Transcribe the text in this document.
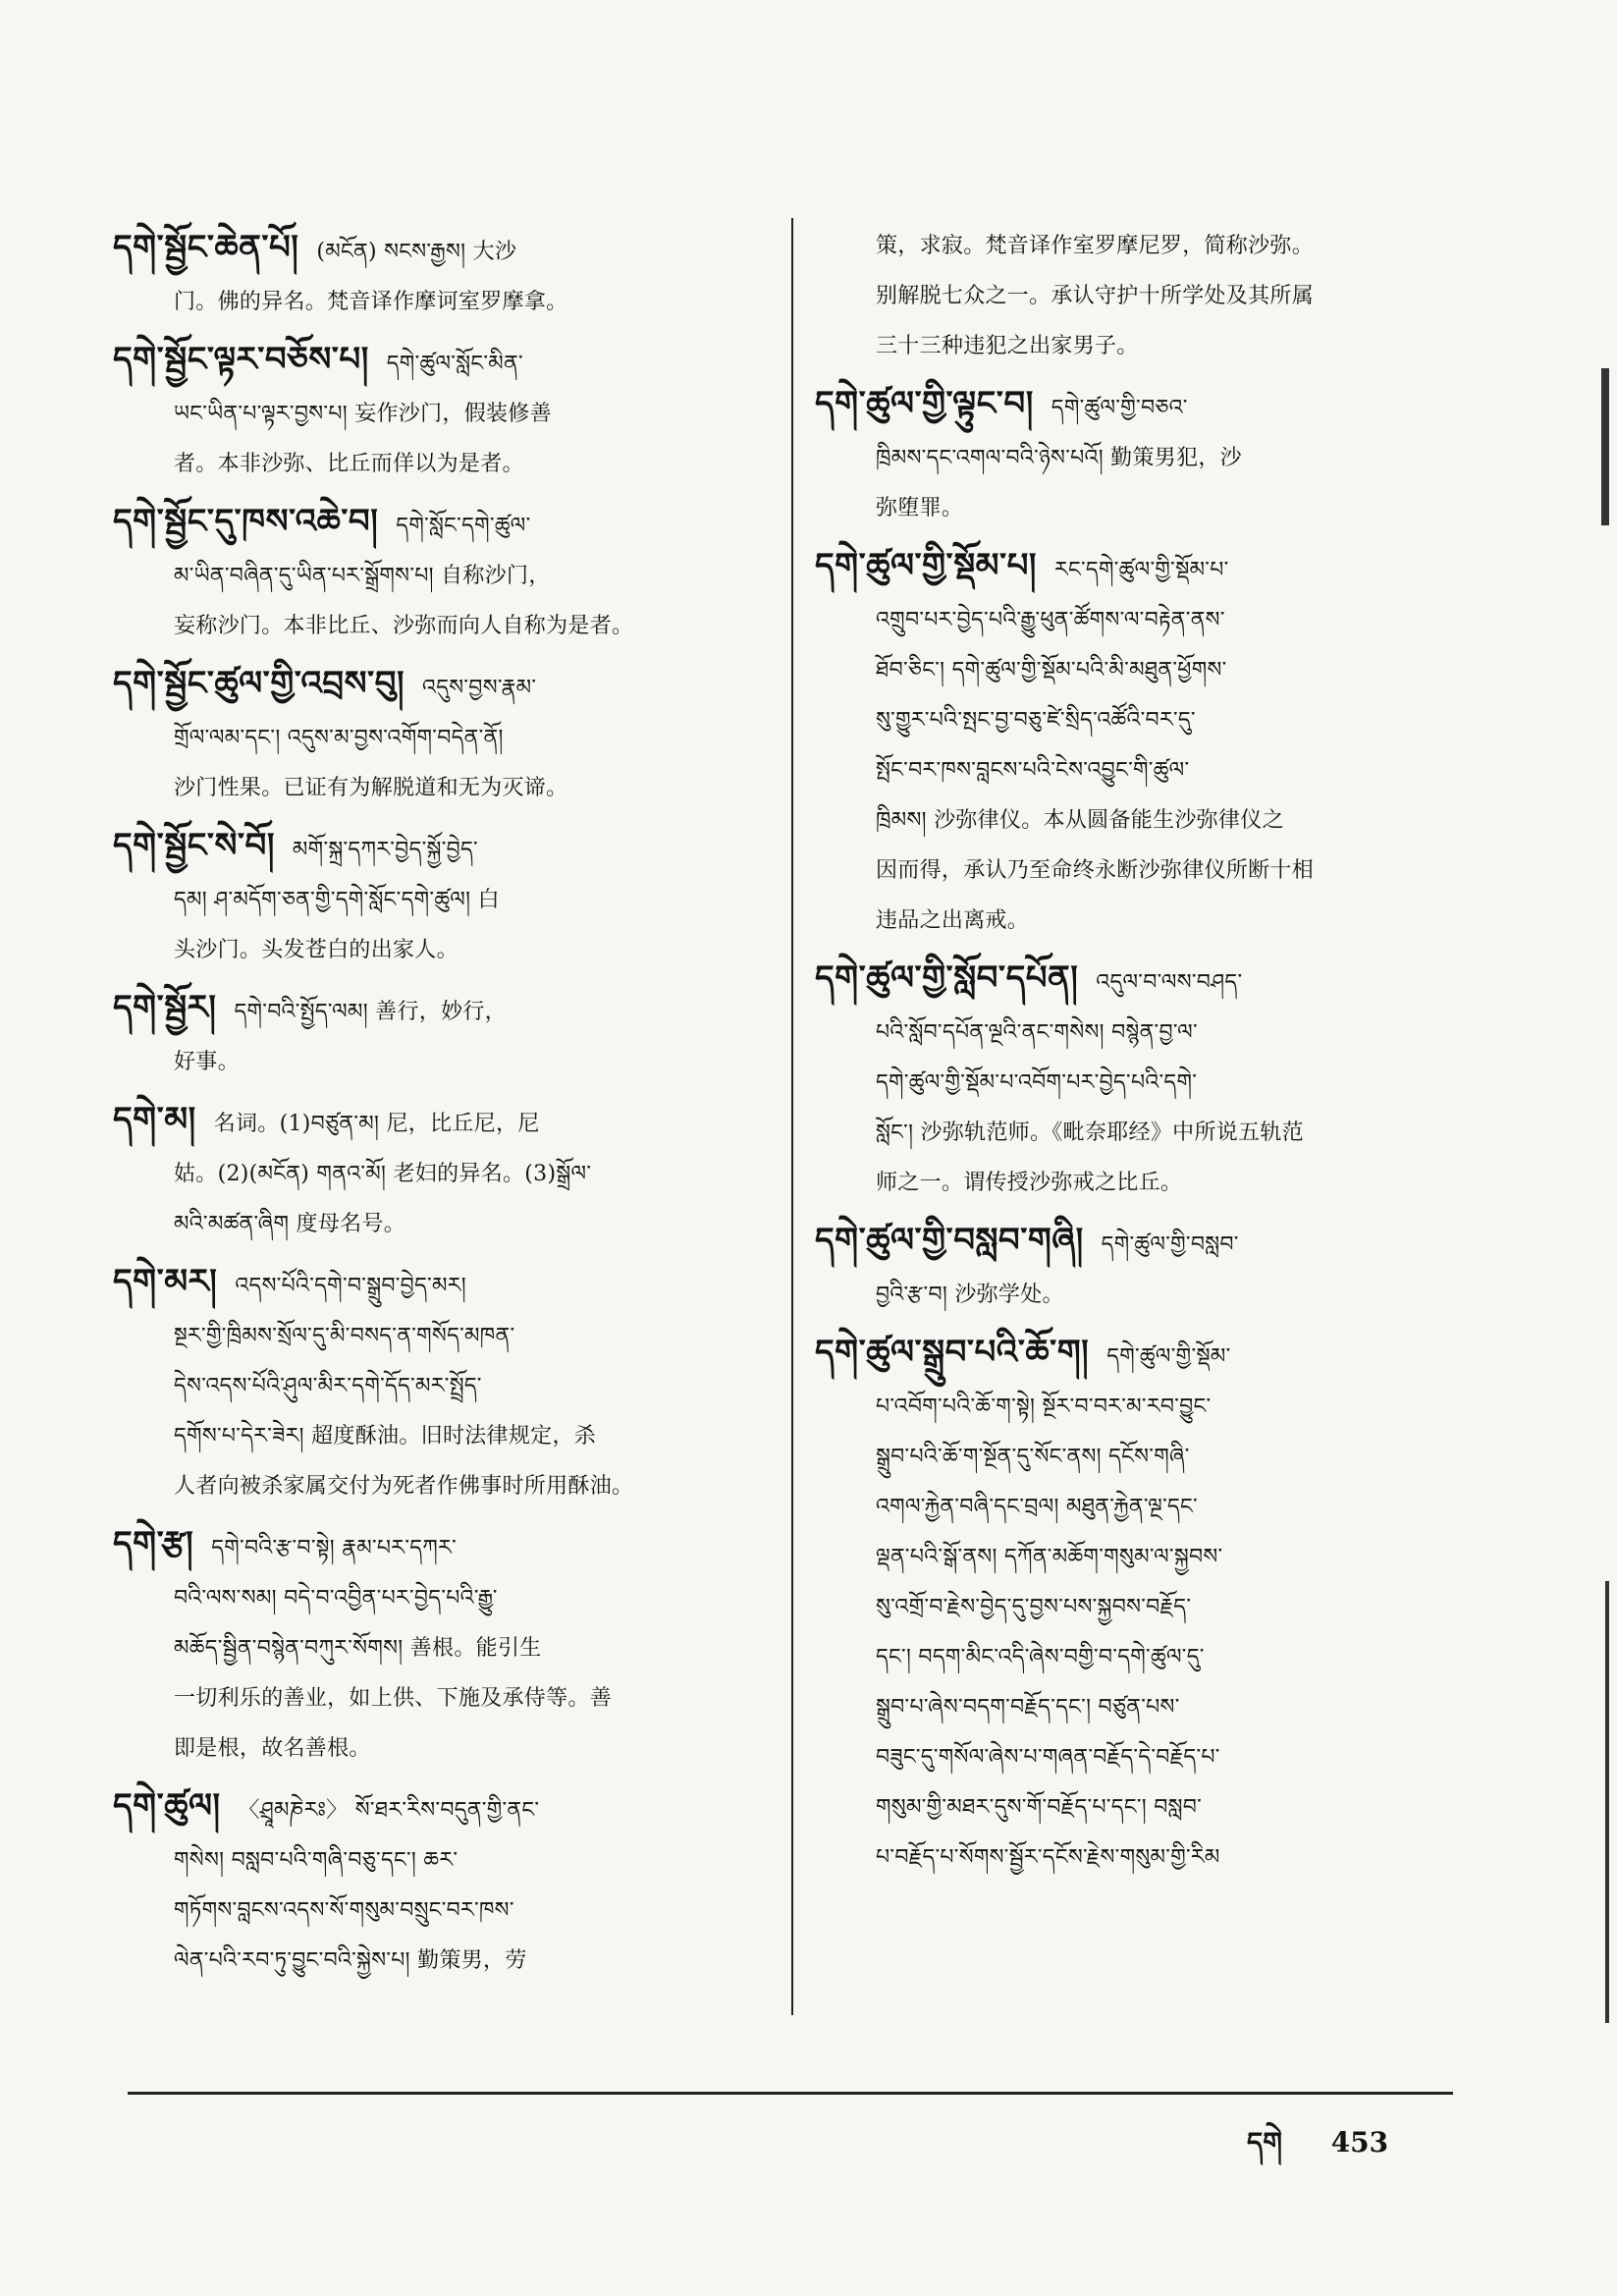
དགེ་སྦྱོང་ཆེན་པོ། (མངོན) སངས་རྒྱས། 大沙
门。佛的异名。梵音译作摩诃室罗摩拿。
དགེ་སྦྱོང་ལྟར་བཅོས་པ། དགེ་ཚུལ་སློང་མིན་
ཡང་ཡིན་པ་ལྟར་བྱས་པ། 妄作沙门，假装修善
者。本非沙弥、比丘而佯以为是者。
དགེ་སྦྱོང་དུ་ཁས་འཆེ་བ། དགེ་སློང་དགེ་ཚུལ་
མ་ཡིན་བཞིན་དུ་ཡིན་པར་སྒྲོགས་པ། 自称沙门，
妄称沙门。本非比丘、沙弥而向人自称为是者。
དགེ་སྦྱོང་ཚུལ་གྱི་འབྲས་བུ། འདུས་བྱས་རྣམ་
གྲོལ་ལམ་དང་། འདུས་མ་བྱས་འགོག་བདེན་ནོ།
沙门性果。已证有为解脱道和无为灭谛。
དགེ་སྦྱོང་སེ་བོ། མགོ་སྐྲ་དཀར་བྱེད་སྐྱོ་བྱེད་
དམ། ཤ་མདོག་ཅན་གྱི་དགེ་སློང་དགེ་ཚུལ། 白
头沙门。头发苍白的出家人。
དགེ་སྦྱོར། དགེ་བའི་སྤྱོད་ལམ། 善行，妙行，
好事。
དགེ་མ། 名词。(1)བཙུན་མ། 尼，比丘尼，尼
姑。(2)(མངོན) གནའ་མོ། 老妇的异名。(3)སྒྲོལ་
མའི་མཚན་ཞིག 度母名号。
དགེ་མར། འདས་པོའི་དགེ་བ་སྒྲུབ་བྱེད་མར།
སྔར་གྱི་ཁྲིམས་སྲོལ་དུ་མི་བསད་ན་གསོད་མཁན་
དེས་འདས་པོའི་ཤུལ་མིར་དགེ་དོད་མར་སྤྲོད་
དགོས་པ་དེར་ཟེར། 超度酥油。旧时法律规定，杀
人者向被杀家属交付为死者作佛事时所用酥油。
དགེ་རྩ། དགེ་བའི་རྩ་བ་སྟེ། རྣམ་པར་དཀར་
བའི་ལས་སམ། བདེ་བ་འབྱིན་པར་བྱེད་པའི་རྒྱུ་
མཆོད་སྦྱིན་བསྙེན་བཀུར་སོགས། 善根。能引生
一切利乐的善业，如上供、下施及承侍等。善
即是根，故名善根。
དགེ་ཚུལ། 〈ཤྲཱམཎེརཿ〉 སོ་ཐར་རིས་བདུན་གྱི་ནང་
གསེས། བསླབ་པའི་གཞི་བཅུ་དང་། ཆར་
གཏོགས་བླངས་འདས་སོ་གསུམ་བསྲུང་བར་ཁས་
ལེན་པའི་རབ་ཏུ་བྱུང་བའི་སྐྱེས་པ། 勤策男，劳
策，求寂。梵音译作室罗摩尼罗，简称沙弥。
别解脱七众之一。承认守护十所学处及其所属
三十三种违犯之出家男子。
དགེ་ཚུལ་གྱི་ལྟུང་བ། དགེ་ཚུལ་གྱི་བཅའ་
ཁྲིམས་དང་འགལ་བའི་ཉེས་པའོ། 勤策男犯，沙
弥堕罪。
དགེ་ཚུལ་གྱི་སྡོམ་པ། རང་དགེ་ཚུལ་གྱི་སྡོམ་པ་
འགྲུབ་པར་བྱེད་པའི་རྒྱུ་ཕུན་ཚོགས་ལ་བརྟེན་ནས་
ཐོབ་ཅིང་། དགེ་ཚུལ་གྱི་སྡོམ་པའི་མི་མཐུན་ཕྱོགས་
སུ་གྱུར་པའི་སྤང་བྱ་བཅུ་ཛེ་སྲིད་འཚོའི་བར་དུ་
སྤོང་བར་ཁས་བླངས་པའི་ངེས་འབྱུང་གི་ཚུལ་
ཁྲིམས། 沙弥律仪。本从圆备能生沙弥律仪之
因而得，承认乃至命终永断沙弥律仪所断十相
违品之出离戒。
དགེ་ཚུལ་གྱི་སློབ་དཔོན། འདུལ་བ་ལས་བཤད་
པའི་སློབ་དཔོན་ལྔའི་ནང་གསེས། བསྙེན་བྱ་ལ་
དགེ་ཚུལ་གྱི་སྡོམ་པ་འབོག་པར་བྱེད་པའི་དགེ་
སློང་། 沙弥轨范师。《毗奈耶经》中所说五轨范
师之一。谓传授沙弥戒之比丘。
དགེ་ཚུལ་གྱི་བསླབ་གཞི། དགེ་ཚུལ་གྱི་བསླབ་
བྱའི་རྩ་བ། 沙弥学处。
དགེ་ཚུལ་སྒྲུབ་པའི་ཆོ་ག། དགེ་ཚུལ་གྱི་སྡོམ་
པ་འབོག་པའི་ཆོ་ག་སྟེ། སྔོར་བ་བར་མ་རབ་བྱུང་
སྒྲུབ་པའི་ཆོ་ག་སྔོན་དུ་སོང་ནས། དངོས་གཞི་
འགལ་རྐྱེན་བཞི་དང་བྲལ། མཐུན་རྐྱེན་ལྔ་དང་
ལྡན་པའི་སྒོ་ནས། དཀོན་མཆོག་གསུམ་ལ་སྐྱབས་
སུ་འགྲོ་བ་རྗེས་བྱེད་དུ་བྱས་པས་སྐྱབས་བརྗོད་
དང་། བདག་མིང་འདི་ཞེས་བགྱི་བ་དགེ་ཚུལ་དུ་
སྒྲུབ་པ་ཞེས་བདག་བརྗོད་དང་། བཙུན་པས་
བཟུང་དུ་གསོལ་ཞེས་པ་གཞན་བརྗོད་དེ་བརྗོད་པ་
གསུམ་གྱི་མཐར་དུས་གོ་བརྗོད་པ་དང་། བསླབ་
པ་བརྗོད་པ་སོགས་སྦྱོར་དངོས་རྗེས་གསུམ་གྱི་རིམ
དགེ 453
